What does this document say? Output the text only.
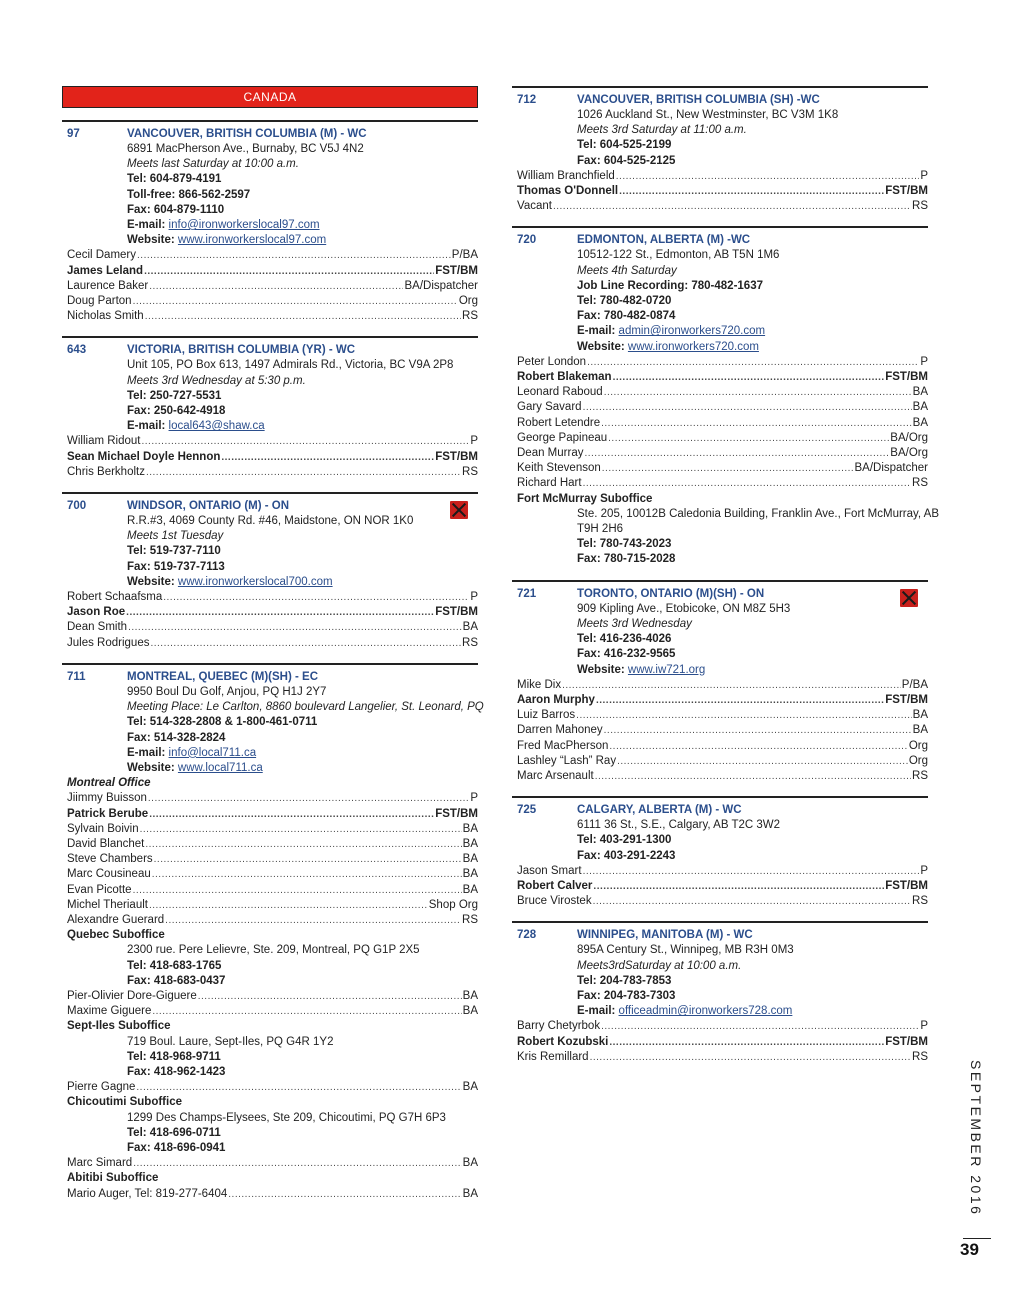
CANADA
97	VANCOUVER, BRITISH COLUMBIA (M) - WC
6891 MacPherson Ave., Burnaby, BC V5J 4N2
Meets last Saturday at 10:00 a.m.
Tel: 604-879-4191
Toll-free: 866-562-2597
Fax: 604-879-1110
E-mail: info@ironworkerslocal97.com
Website: www.ironworkerslocal97.com
Cecil Damery .....	P/BA
James Leland .....	FST/BM
Laurence Baker .....	BA/Dispatcher
Doug Parton .....	Org
Nicholas Smith .....	RS
643	VICTORIA, BRITISH COLUMBIA (YR) - WC
Unit 105, PO Box 613, 1497 Admirals Rd., Victoria, BC V9A 2P8
Meets 3rd Wednesday at 5:30 p.m.
Tel: 250-727-5531
Fax: 250-642-4918
E-mail: local643@shaw.ca
William Ridout .....	P
Sean Michael Doyle Hennon .....	FST/BM
Chris Berkholtz .....	RS
700	WINDSOR, ONTARIO (M) - ON
R.R.#3, 4069 County Rd. #46, Maidstone, ON NOR 1K0
Meets 1st Tuesday
Tel: 519-737-7110
Fax: 519-737-7113
Website: www.ironworkerslocal700.com
Robert Schaafsma .....	P
Jason Roe .....	FST/BM
Dean Smith .....	BA
Jules Rodrigues .....	RS
711	MONTREAL, QUEBEC (M)(SH) - EC
9950 Boul Du Golf, Anjou, PQ H1J 2Y7
Meeting Place: Le Carlton, 8860 boulevard Langelier, St. Leonard, PQ
Tel: 514-328-2808 & 1-800-461-0711
Fax: 514-328-2824
E-mail: info@local711.ca
Website: www.local711.ca
Montreal Office
Jiimmy Buisson .....	P
Patrick Berube .....	FST/BM
Sylvain Boivin .....	BA
David Blanchet .....	BA
Steve Chambers .....	BA
Marc Cousineau .....	BA
Evan Picotte .....	BA
Michel Theriault .....	Shop Org
Alexandre Guerard .....	RS
Quebec Suboffice
2300 rue. Pere Lelievre, Ste. 209, Montreal, PQ G1P 2X5
Tel: 418-683-1765
Fax: 418-683-0437
Pier-Olivier Dore-Giguere .....	BA
Maxime Giguere .....	BA
Sept-Iles Suboffice
719 Boul. Laure, Sept-Iles, PQ G4R 1Y2
Tel: 418-968-9711
Fax: 418-962-1423
Pierre Gagne .....	BA
Chicoutimi Suboffice
1299 Des Champs-Elysees, Ste 209, Chicoutimi, PQ G7H 6P3
Tel: 418-696-0711
Fax: 418-696-0941
Marc Simard .....	BA
Abitibi Suboffice
Mario Auger, Tel: 819-277-6404 .....	BA
712	VANCOUVER, BRITISH COLUMBIA (SH) -WC
1026 Auckland St., New Westminster, BC V3M 1K8
Meets 3rd Saturday at 11:00 a.m.
Tel: 604-525-2199
Fax: 604-525-2125
William Branchfield .....	P
Thomas O'Donnell .....	FST/BM
Vacant .....	RS
720	EDMONTON, ALBERTA (M) -WC
10512-122 St., Edmonton, AB T5N 1M6
Meets 4th Saturday
Job Line Recording: 780-482-1637
Tel: 780-482-0720
Fax: 780-482-0874
E-mail: admin@ironworkers720.com
Website: www.ironworkers720.com
Peter London .....	P
Robert Blakeman .....	FST/BM
Leonard Raboud .....	BA
Gary Savard .....	BA
Robert Letendre .....	BA
George Papineau .....	BA/Org
Dean Murray .....	BA/Org
Keith Stevenson .....	BA/Dispatcher
Richard Hart .....	RS
Fort McMurray Suboffice
Ste. 205, 10012B Caledonia Building, Franklin Ave., Fort McMurray, AB
T9H 2H6
Tel: 780-743-2023
Fax: 780-715-2028
721	TORONTO, ONTARIO (M)(SH) - ON
909 Kipling Ave., Etobicoke, ON M8Z 5H3
Meets 3rd Wednesday
Tel: 416-236-4026
Fax: 416-232-9565
Website: www.iw721.org
Mike Dix .....	P/BA
Aaron Murphy .....	FST/BM
Luiz Barros .....	BA
Darren Mahoney .....	BA
Fred MacPherson .....	Org
Lashley “Lash” Ray .....	Org
Marc Arsenault .....	RS
725	CALGARY, ALBERTA (M) - WC
6111 36 St., S.E., Calgary, AB T2C 3W2
Tel: 403-291-1300
Fax: 403-291-2243
Jason Smart .....	P
Robert Calver .....	FST/BM
Bruce Virostek .....	RS
728	WINNIPEG, MANITOBA (M) - WC
895A Century St., Winnipeg, MB R3H 0M3
Meets3rdSaturday at 10:00 a.m.
Tel: 204-783-7853
Fax: 204-783-7303
E-mail: officeadmin@ironworkers728.com
Barry Chetyrbok .....	P
Robert Kozubski .....	FST/BM
Kris Remillard .....	RS
SEPTEMBER 2016
39
